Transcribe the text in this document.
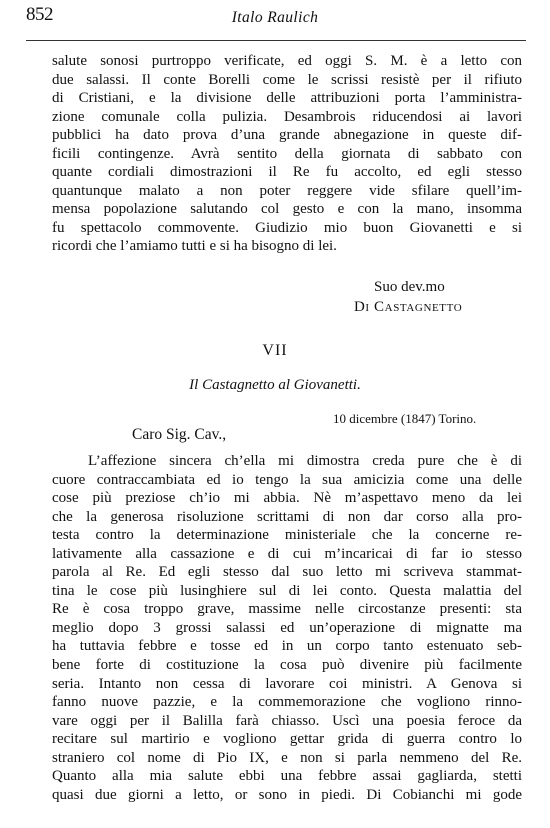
852	Italo Raulich
salute sonosi purtroppo verificate, ed oggi S. M. è a letto con
due salassi. Il conte Borelli come le scrissi resistè per il rifiuto
di Cristiani, e la divisione delle attribuzioni porta l’amministra-
zione comunale colla pulizia. Desambrois riducendosi ai lavori
pubblici ha dato prova d’una grande abnegazione in queste dif-
ficili contingenze. Avrà sentito della giornata di sabbato con
quante cordiali dimostrazioni il Re fu accolto, ed egli stesso
quantunque malato a non poter reggere vide sfilare quell’im-
mensa popolazione salutando col gesto e con la mano, insomma
fu spettacolo commovente. Giudizio mio buon Giovanetti e si
ricordi che l’amiamo tutti e si ha bisogno di lei.
Suo dev.mo
Di Castagnetto
VII
Il Castagnetto al Giovanetti.
10 dicembre (1847) Torino.
Caro Sig. Cav.,
L’affezione sincera ch’ella mi dimostra creda pure che è di
cuore contraccambiata ed io tengo la sua amicizia come una delle
cose più preziose ch’io mi abbia. Nè m’aspettavo meno da lei
che la generosa risoluzione scrittami di non dar corso alla pro-
testa contro la determinazione ministeriale che la concerne re-
lativamente alla cassazione e di cui m’incaricai di far io stesso
parola al Re. Ed egli stesso dal suo letto mi scriveva stammat-
tina le cose più lusinghiere sul di lei conto. Questa malattia del
Re è cosa troppo grave, massime nelle circostanze presenti: sta
meglio dopo 3 grossi salassi ed un’operazione di mignatte ma
ha tuttavia febbre e tosse ed in un corpo tanto estenuato seb-
bene forte di costituzione la cosa può divenire più facilmente
seria. Intanto non cessa di lavorare coi ministri. A Genova si
fanno nuove pazzie, e la commemorazione che vogliono rinno-
vare oggi per il Balilla farà chiasso. Uscì una poesia feroce da
recitare sul martirio e vogliono gettar grida di guerra contro lo
straniero col nome di Pio IX, e non si parla nemmeno del Re.
Quanto alla mia salute ebbi una febbre assai gagliarda, stetti
quasi due giorni a letto, or sono in piedi. Di Cobianchi mi gode
